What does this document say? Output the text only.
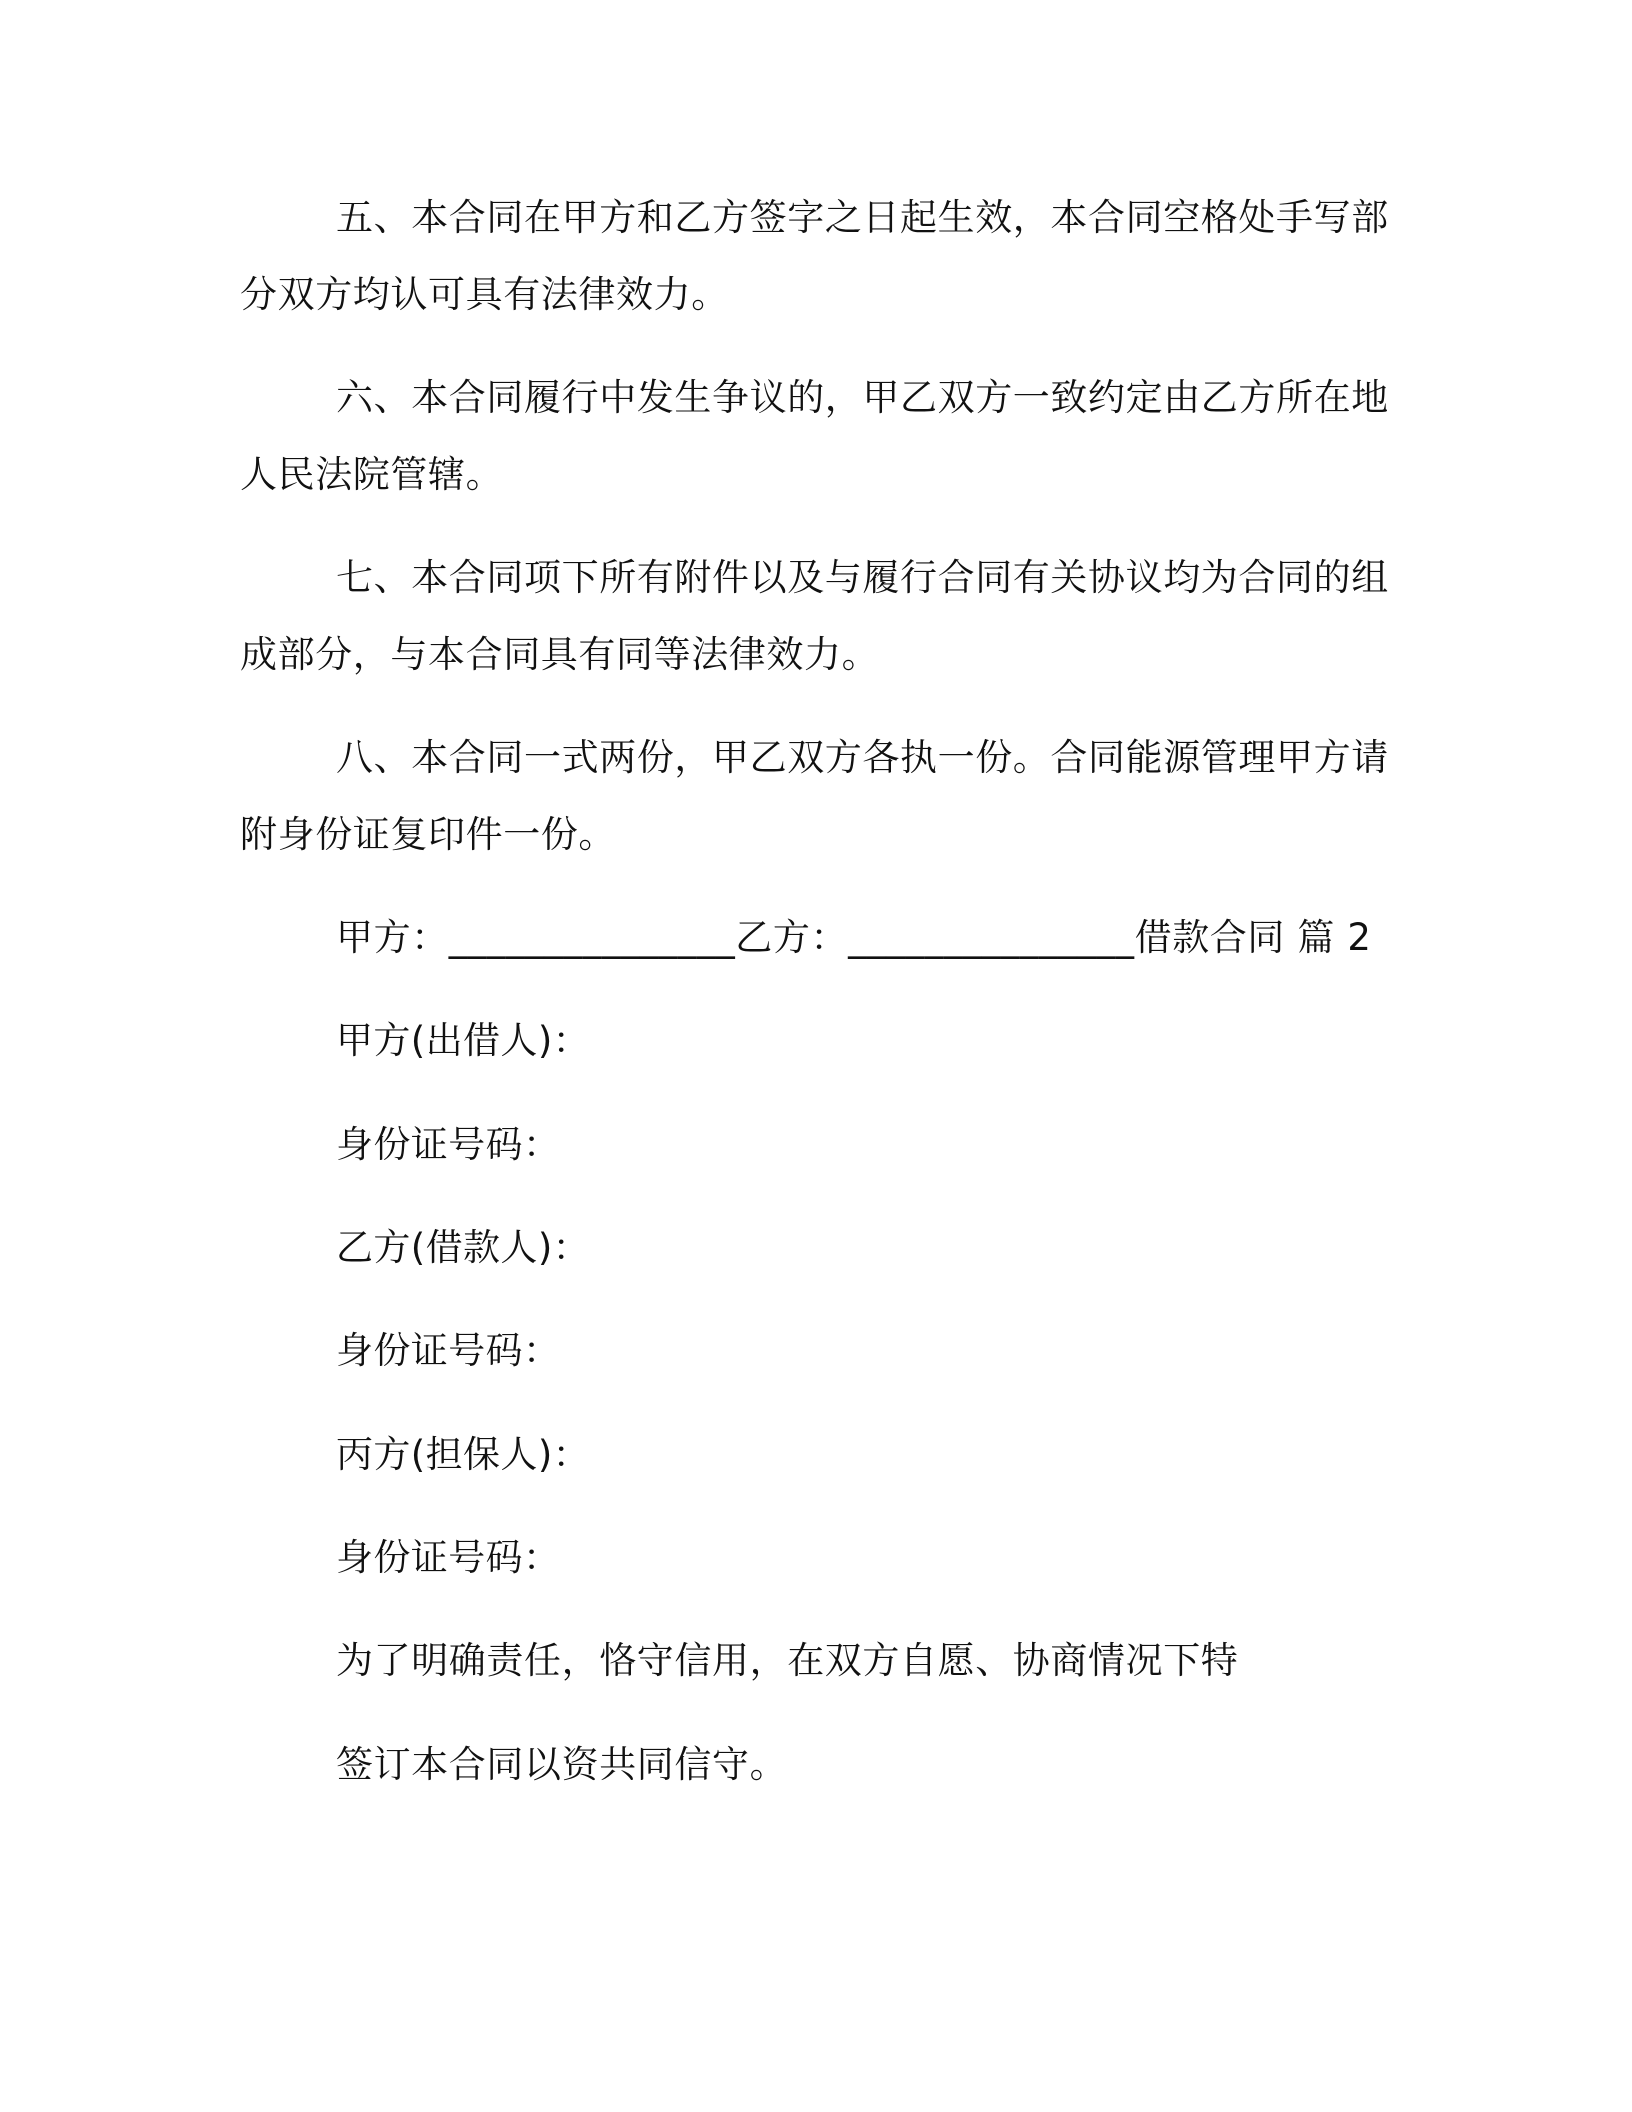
五、本合同在甲方和乙方签字之日起生效，本合同空格处手写部
分双方均认可具有法律效力。
六、本合同履行中发生争议的，甲乙双方一致约定由乙方所在地
人民法院管辖。
七、本合同项下所有附件以及与履行合同有关协议均为合同的组
成部分，与本合同具有同等法律效力。
八、本合同一式两份，甲乙双方各执一份。合同能源管理甲方请
附身份证复印件一份。
甲方：_______________乙方：_______________借款合同 篇 2
甲方(出借人)：
身份证号码：
乙方(借款人)：
身份证号码：
丙方(担保人)：
身份证号码：
为了明确责任，恪守信用，在双方自愿、协商情况下特
签订本合同以资共同信守。
